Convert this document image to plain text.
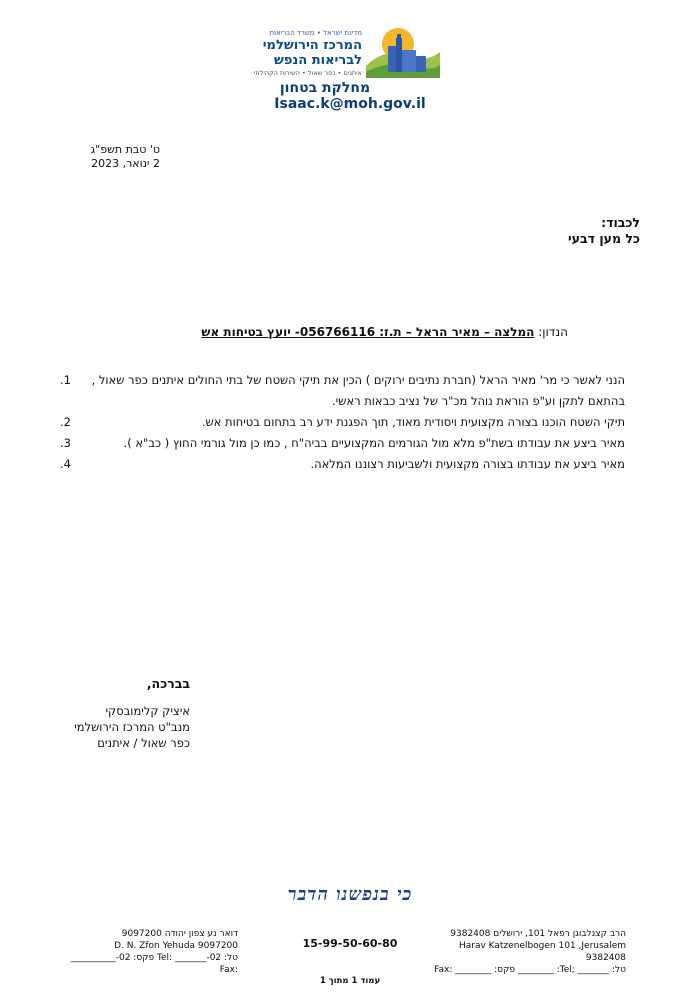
מדינת ישראל • משרד הבריאות
המרכז הירושלמי
לבריאות הנפש
איתנים • כפר שאול • השירות הקהילתי
מחלקת בטחון
Isaac.k@moh.gov.il
ט' טבת תשפ"ג
2 ינואר, 2023
לכבוד:
כל מען דבעי
הנדון: המלצה – מאיר הראל – ת.ז: 056766116- יועץ בטיחות אש
הנני לאשר כי מר' מאיר הראל (חברת נתיבים ירוקים ) הכין את תיקי השטח של בתי החולים איתנים כפר שאול , בהתאם לתקן וע"פ הוראת נוהל מכ"ר של נציב כבאות ראשי.
1.
תיקי השטח הוכנו בצורה מקצועית ויסודית מאוד, תוך הפגנת ידע רב בתחום בטיחות אש.
2.
מאיר ביצע את עבודתו בשת"פ מלא מול הגורמים המקצועיים בביה"ח , כמו כן מול גורמי החוץ ( כב"א ).
3.
מאיר ביצע את עבודתו בצורה מקצועית ולשביעות רצוננו המלאה.
4.
בברכה,
איציק קלימובסקי
מנב"ט המרכז הירושלמי
כפר שאול / איתנים
כי בנפשנו הדבר
הרב קצנלבוגן רפאל 101, ירושלים 9382408
Harav Katzenelbogen 101 ,Jerusalem 9382408
טל: _______ ;Tel: ________ פקס: ________ :Fax
15-99-50-60-80
דואר נע צפון יהודה 9097200
D. N. Zfon Yehuda 9097200
טל: 02-_______ :Tel פקס: 02-__________ :Fax
עמוד 1 מתוך 1
